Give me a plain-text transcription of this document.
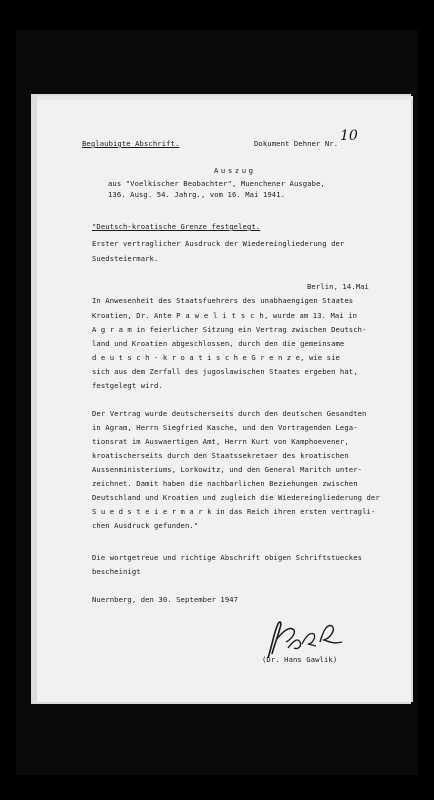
Beglaubigte Abschrift.	Dokument Dehner Nr. 10
Auszug
aus "Voelkischer Beobachter", Muenchener Ausgabe,
136. Ausg. 54. Jahrg., vom 16. Mai 1941.
"Deutsch-kroatische Grenze festgelegt.
Erster vertraglicher Ausdruck der Wiedereingliederung der
Suedsteiermark.
Berlin, 14.Mai
In Anwesenheit des Staatsfuehrers des unabhaengigen Staates
Kroatien, Dr. Ante P a w e l i t s c h, wurde am 13. Mai in
A g r a m in feierlicher Sitzung ein Vertrag zwischen Deutsch-
land und Kroatien abgeschlossen, durch den die gemeinsame
d e u t s c h - k r o a t i s c h e G r e n z e, wie sie
sich aus dem Zerfall des jugoslawischen Staates ergeben hat,
festgelegt wird.
Der Vertrag wurde deutscherseits durch den deutschen Gesandten
in Agram, Herrn Siegfried Kasche, und den Vortragenden Lega-
tionsrat im Auswaertigen Amt, Herrn Kurt von Kamphoevener,
kroatischerseits durch den Staatssekretaer des kroatischen
Aussenministeriums, Lorkowitz, und den General Maritch unter-
zeichnet. Damit haben die nachbarlichen Beziehungen zwischen
Deutschland und Kroatien und zugleich die Wiedereingliederung der
S u e d s t e i e r m a r k in das Reich ihren ersten vertragli-
chen Ausdruck gefunden."
Die wortgetreue und richtige Abschrift obigen Schriftstueckes
bescheinigt
Nuernberg, den 30. September 1947
(Dr. Hans Gawlik)
